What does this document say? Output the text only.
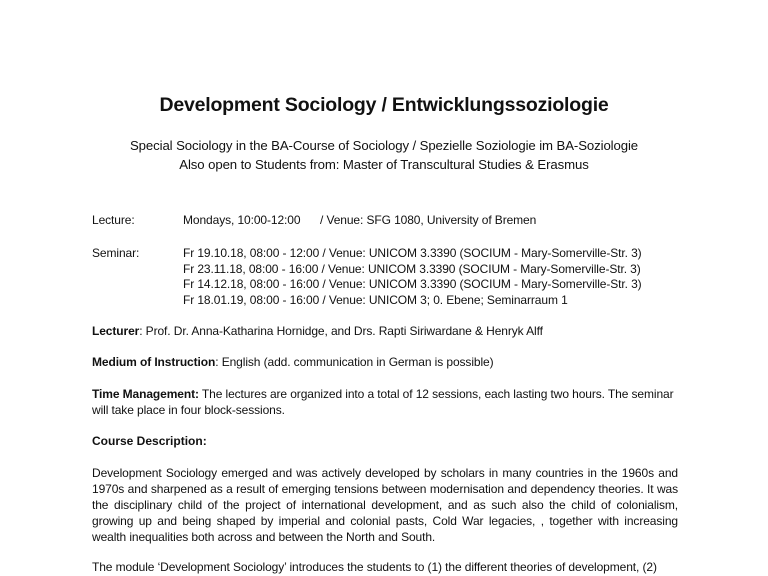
Development Sociology / Entwicklungssoziologie
Special Sociology in the BA-Course of Sociology / Spezielle Soziologie im BA-Soziologie
Also open to Students from: Master of Transcultural Studies & Erasmus
Lecture:	Mondays, 10:00-12:00 / Venue: SFG 1080, University of Bremen
Seminar:	Fr 19.10.18, 08:00 - 12:00 / Venue: UNICOM 3.3390 (SOCIUM - Mary-Somerville-Str. 3)
Fr 23.11.18, 08:00 - 16:00 / Venue: UNICOM 3.3390 (SOCIUM - Mary-Somerville-Str. 3)
Fr 14.12.18, 08:00 - 16:00 / Venue: UNICOM 3.3390 (SOCIUM - Mary-Somerville-Str. 3)
Fr 18.01.19, 08:00 - 16:00 / Venue: UNICOM 3; 0. Ebene; Seminarraum 1
Lecturer: Prof. Dr. Anna-Katharina Hornidge, and Drs. Rapti Siriwardane & Henryk Alff
Medium of Instruction: English (add. communication in German is possible)
Time Management: The lectures are organized into a total of 12 sessions, each lasting two hours. The seminar will take place in four block-sessions.
Course Description:
Development Sociology emerged and was actively developed by scholars in many countries in the 1960s and 1970s and sharpened as a result of emerging tensions between modernisation and dependency theories. It was the disciplinary child of the project of international development, and as such also the child of colonialism, growing up and being shaped by imperial and colonial pasts, Cold War legacies, , together with increasing wealth inequalities both across and between the North and South.
The module ‘Development Sociology’ introduces the students to (1) the different theories of development, (2)
